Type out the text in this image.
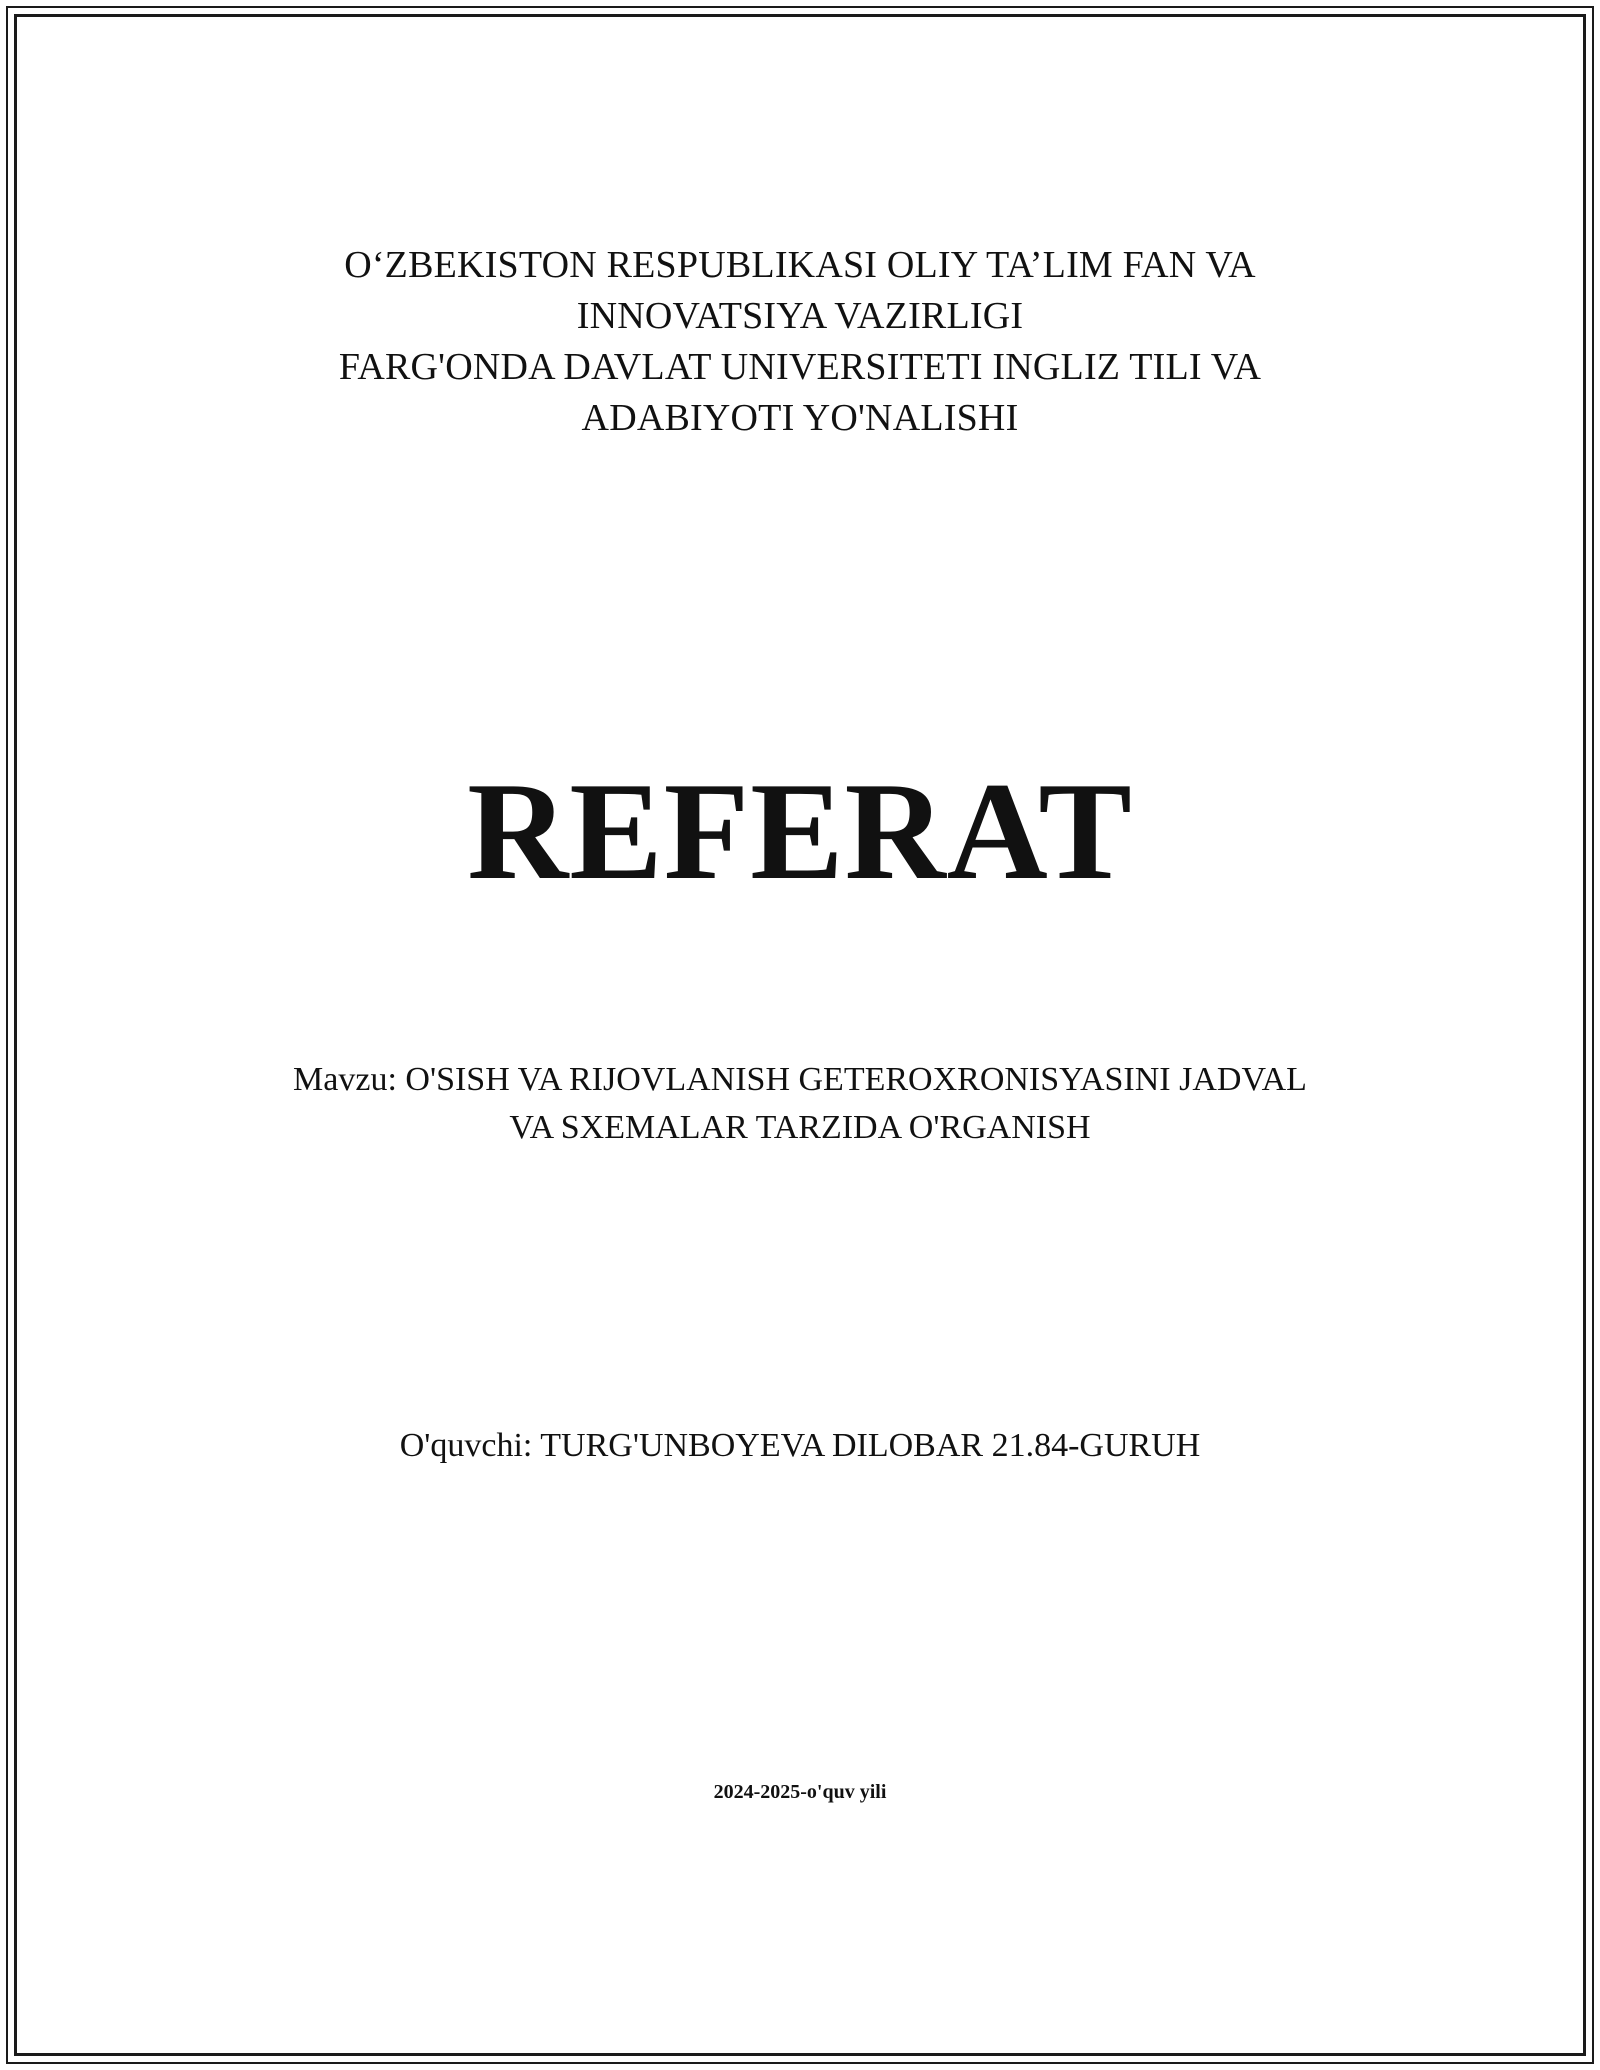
O‘ZBEKISTON RESPUBLIKASI OLIY TA’LIM FAN VA
INNOVATSIYA VAZIRLIGI
FARG'ONDA DAVLAT UNIVERSITETI INGLIZ TILI VA
ADABIYOTI YO'NALISHI
REFERAT
Mavzu: O'SISH VA RIJOVLANISH GETEROXRONISYASINI JADVAL
VA SXEMALAR TARZIDA O'RGANISH
O'quvchi: TURG'UNBOYEVA DILOBAR 21.84-GURUH
2024-2025-o'quv yili
